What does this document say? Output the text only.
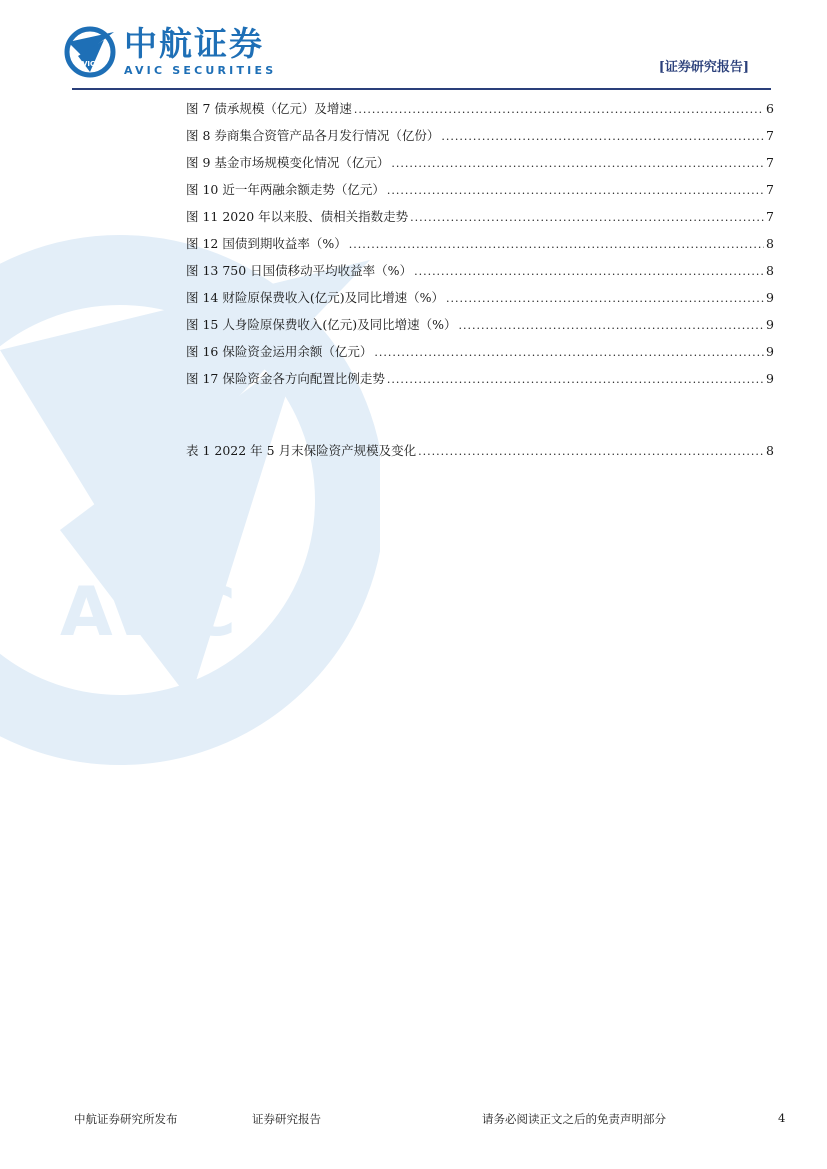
AVIC
AVIC
中航证券
AVIC SECURITIES	[证券研究报告]
图 7 债承规模（亿元）及增速 .....	6
图 8 券商集合资管产品各月发行情况（亿份） .....	7
图 9 基金市场规模变化情况（亿元） .....	7
图 10 近一年两融余额走势（亿元） .....	7
图 11 2020 年以来股、债相关指数走势 .....	7
图 12 国债到期收益率（%） .....	8
图 13 750 日国债移动平均收益率（%） .....	8
图 14 财险原保费收入(亿元)及同比增速（%） .....	9
图 15 人身险原保费收入(亿元)及同比增速（%） .....	9
图 16 保险资金运用余额（亿元） .....	9
图 17 保险资金各方向配置比例走势 .....	9
表 1 2022 年 5 月末保险资产规模及变化 .....	8
中航证券研究所发布	证券研究报告	请务必阅读正文之后的免责声明部分	4
